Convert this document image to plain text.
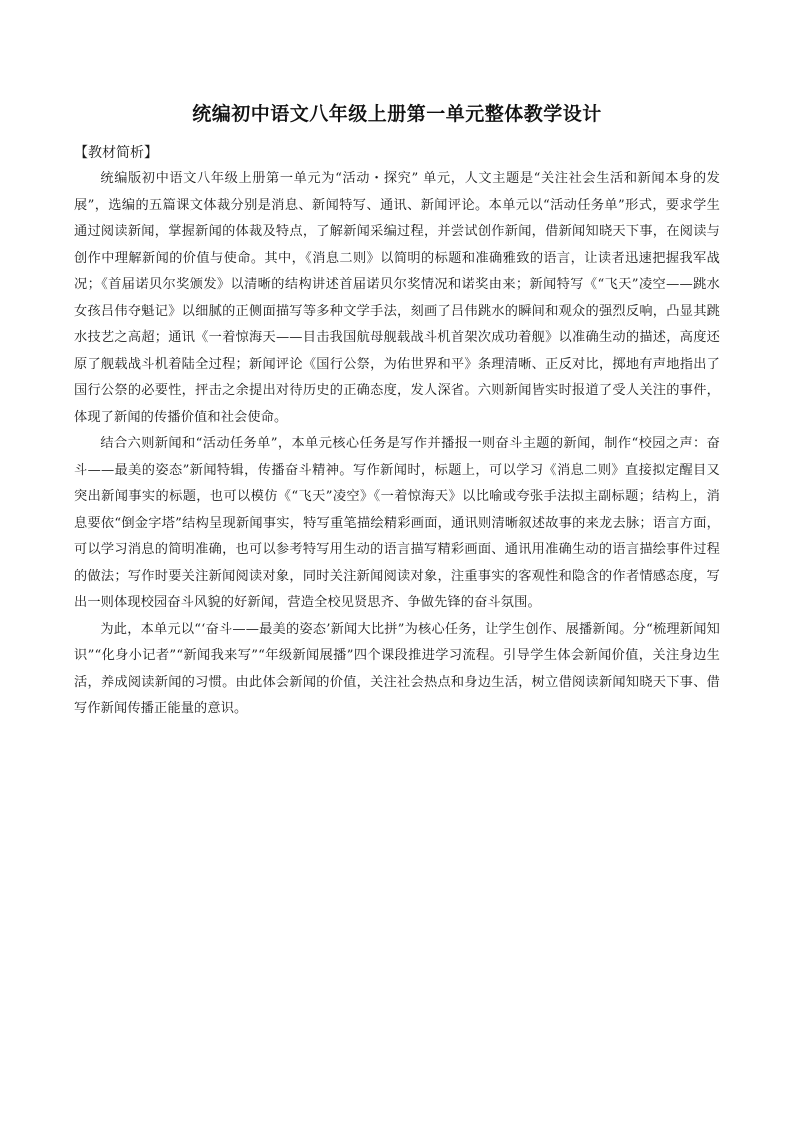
统编初中语文八年级上册第一单元整体教学设计

【教材简析】

统编版初中语文八年级上册第一单元为“活动・探究” 单元，人文主题是“关注社会生活和新闻本身的发展”，选编的五篇课文体裁分别是消息、新闻特写、通讯、新闻评论。本单元以“活动任务单”形式，要求学生通过阅读新闻，掌握新闻的体裁及特点，了解新闻采编过程，并尝试创作新闻，借新闻知晓天下事，在阅读与创作中理解新闻的价值与使命。其中，《消息二则》以简明的标题和准确雅致的语言，让读者迅速把握我军战况；《首届诺贝尔奖颁发》以清晰的结构讲述首届诺贝尔奖情况和诺奖由来；新闻特写《“飞天”凌空——跳水女孩吕伟夺魁记》以细腻的正侧面描写等多种文学手法，刻画了吕伟跳水的瞬间和观众的强烈反响，凸显其跳水技艺之高超；通讯《一着惊海天——目击我国航母舰载战斗机首架次成功着舰》以准确生动的描述，高度还原了舰载战斗机着陆全过程；新闻评论《国行公祭，为佑世界和平》条理清晰、正反对比，掷地有声地指出了国行公祭的必要性，抨击之余提出对待历史的正确态度，发人深省。六则新闻皆实时报道了受人关注的事件，体现了新闻的传播价值和社会使命。

结合六则新闻和“活动任务单”，本单元核心任务是写作并播报一则奋斗主题的新闻，制作“校园之声：奋斗——最美的姿态”新闻特辑，传播奋斗精神。写作新闻时，标题上，可以学习《消息二则》直接拟定醒目又突出新闻事实的标题，也可以模仿《“飞天”凌空》《一着惊海天》以比喻或夸张手法拟主副标题；结构上，消息要依“倒金字塔”结构呈现新闻事实，特写重笔描绘精彩画面，通讯则清晰叙述故事的来龙去脉；语言方面，可以学习消息的简明准确，也可以参考特写用生动的语言描写精彩画面、通讯用准确生动的语言描绘事件过程的做法；写作时要关注新闻阅读对象，同时关注新闻阅读对象，注重事实的客观性和隐含的作者情感态度，写出一则体现校园奋斗风貌的好新闻，营造全校见贤思齐、争做先锋的奋斗氛围。

为此，本单元以“‘奋斗——最美的姿态’新闻大比拼”为核心任务，让学生创作、展播新闻。分“梳理新闻知识”“化身小记者”“新闻我来写”“年级新闻展播”四个课段推进学习流程。引导学生体会新闻价值，关注身边生活，养成阅读新闻的习惯。由此体会新闻的价值，关注社会热点和身边生活，树立借阅读新闻知晓天下事、借写作新闻传播正能量的意识。
